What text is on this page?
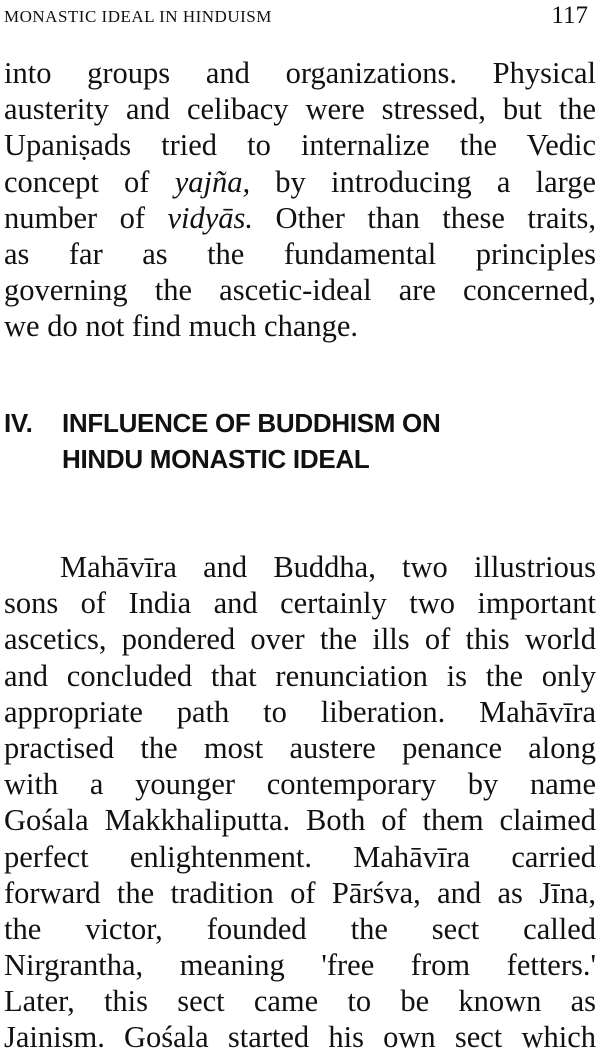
MONASTIC IDEAL IN HINDUISM	117

into groups and organizations. Physical
austerity and celibacy were stressed, but the
Upaniṣads tried to internalize the Vedic
concept of yajña, by introducing a large
number of vidyās. Other than these traits,
as far as the fundamental principles
governing the ascetic-ideal are concerned,
we do not find much change.

IV. INFLUENCE OF BUDDHISM ON
HINDU MONASTIC IDEAL

Mahāvīra and Buddha, two illustrious
sons of India and certainly two important
ascetics, pondered over the ills of this world
and concluded that renunciation is the only
appropriate path to liberation. Mahāvīra
practised the most austere penance along
with a younger contemporary by name
Gośala Makkhaliputta. Both of them claimed
perfect enlightenment. Mahāvīra carried
forward the tradition of Pārśva, and as Jīna,
the victor, founded the sect called
Nirgrantha, meaning 'free from fetters.'
Later, this sect came to be known as
Jainism. Gośala started his own sect which
